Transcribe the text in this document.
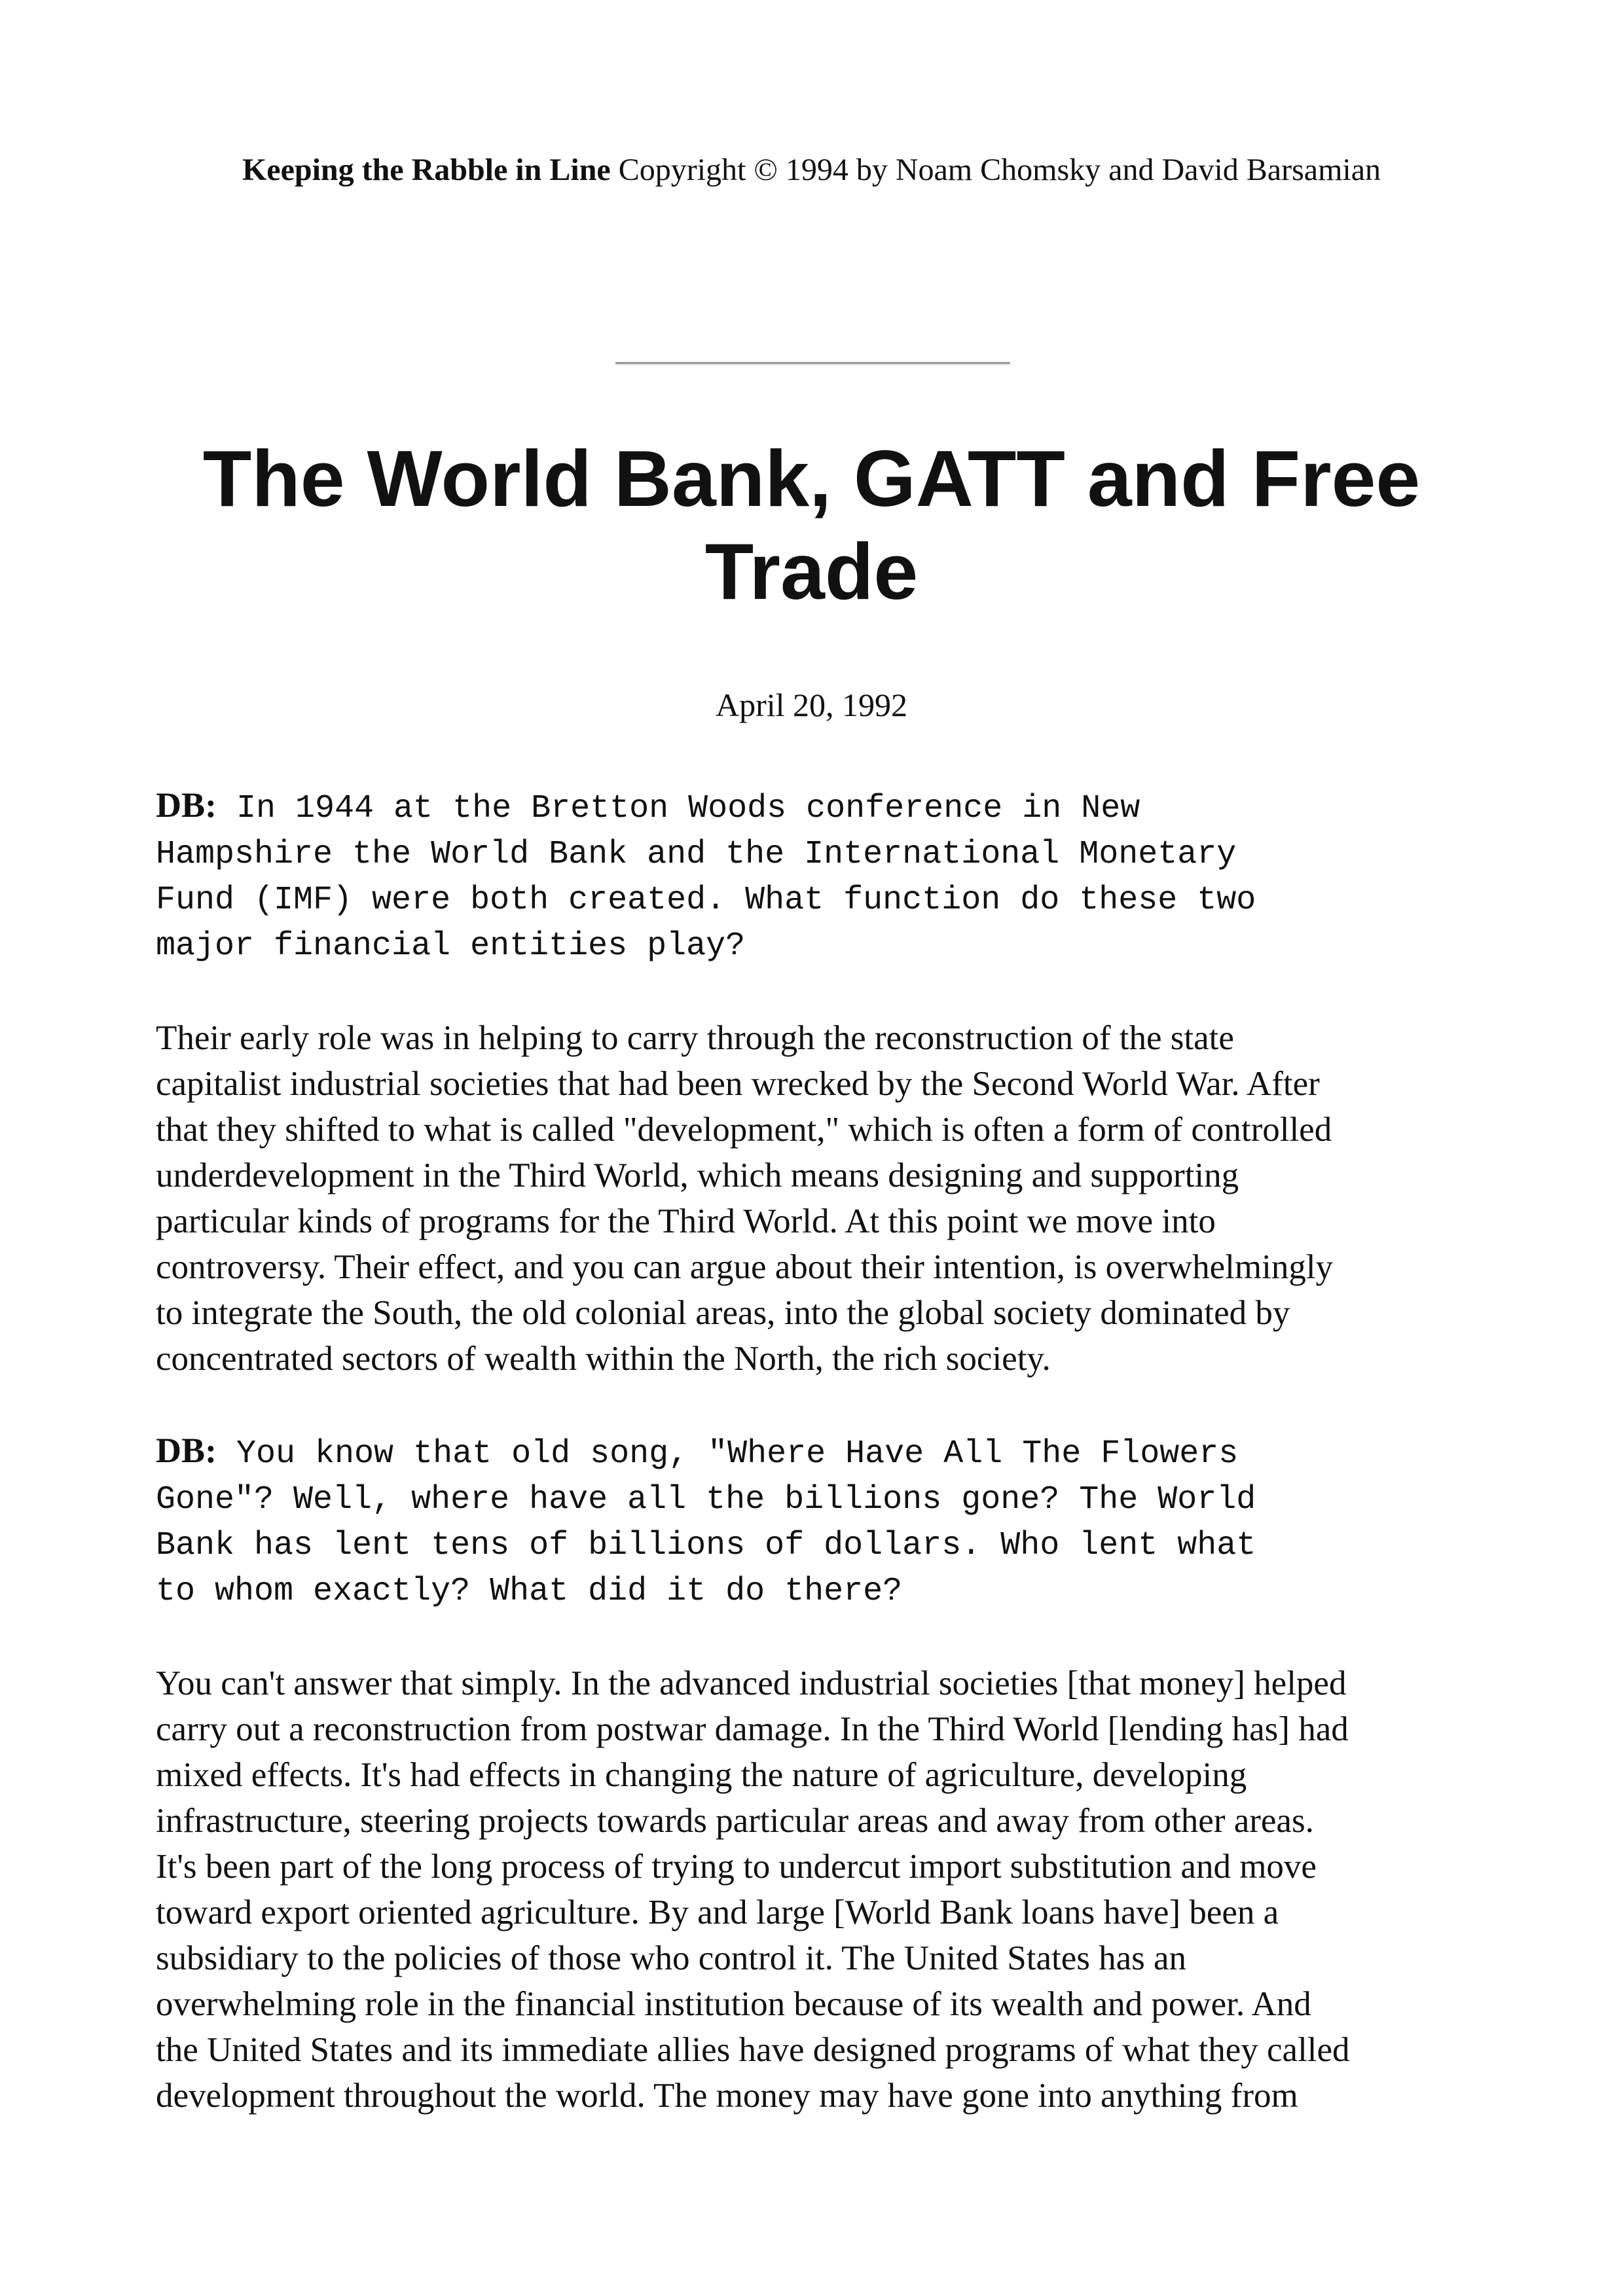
Keeping the Rabble in Line Copyright © 1994 by Noam Chomsky and David Barsamian
The World Bank, GATT and Free
Trade
April 20, 1992

DB: In 1944 at the Bretton Woods conference in New
Hampshire the World Bank and the International Monetary
Fund (IMF) were both created. What function do these two
major financial entities play?

Their early role was in helping to carry through the reconstruction of the state
capitalist industrial societies that had been wrecked by the Second World War. After
that they shifted to what is called "development," which is often a form of controlled
underdevelopment in the Third World, which means designing and supporting
particular kinds of programs for the Third World. At this point we move into
controversy. Their effect, and you can argue about their intention, is overwhelmingly
to integrate the South, the old colonial areas, into the global society dominated by
concentrated sectors of wealth within the North, the rich society.

DB: You know that old song, "Where Have All The Flowers
Gone"? Well, where have all the billions gone? The World
Bank has lent tens of billions of dollars. Who lent what
to whom exactly? What did it do there?

You can't answer that simply. In the advanced industrial societies [that money] helped
carry out a reconstruction from postwar damage. In the Third World [lending has] had
mixed effects. It's had effects in changing the nature of agriculture, developing
infrastructure, steering projects towards particular areas and away from other areas.
It's been part of the long process of trying to undercut import substitution and move
toward export oriented agriculture. By and large [World Bank loans have] been a
subsidiary to the policies of those who control it. The United States has an
overwhelming role in the financial institution because of its wealth and power. And
the United States and its immediate allies have designed programs of what they called
development throughout the world. The money may have gone into anything from
